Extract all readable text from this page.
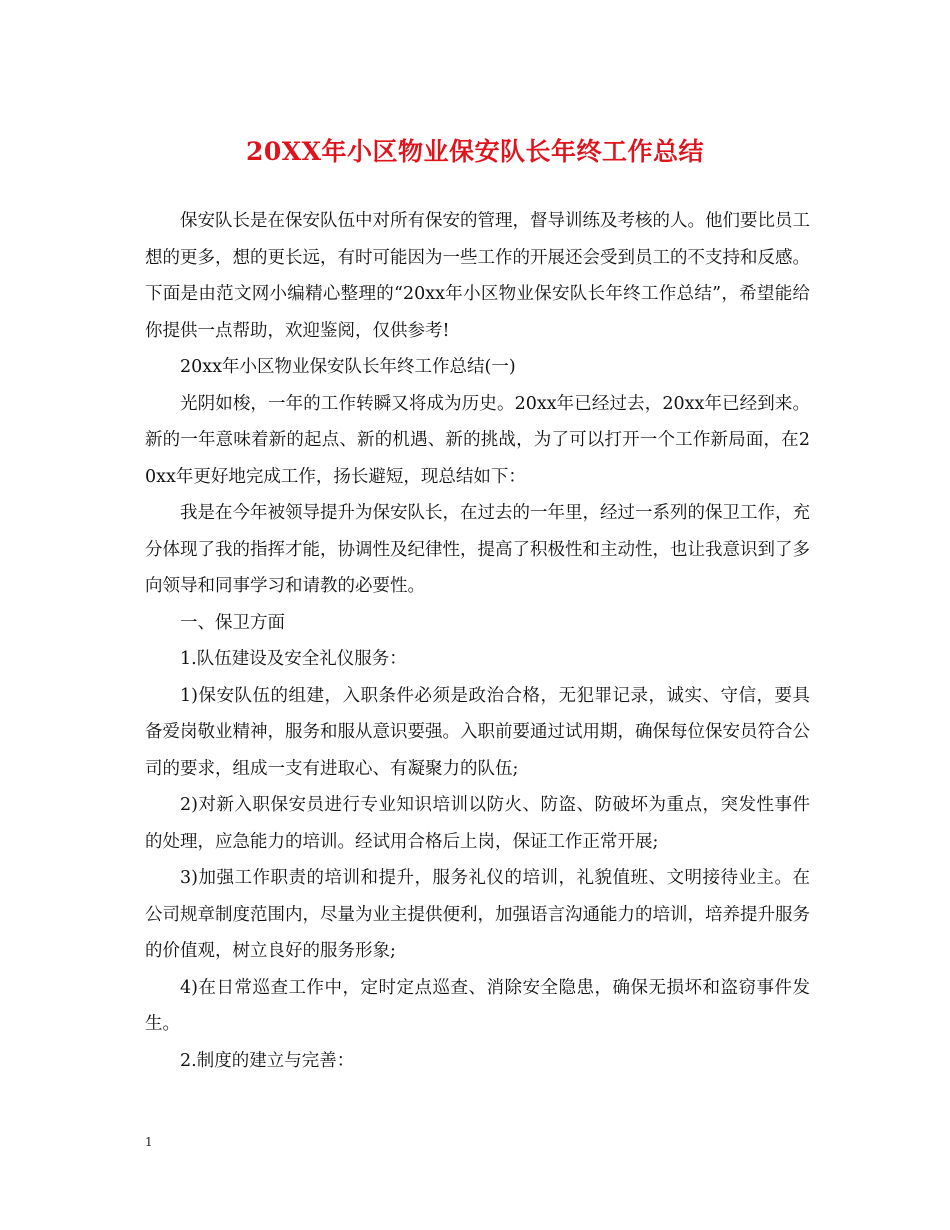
20XX年小区物业保安队长年终工作总结

保安队长是在保安队伍中对所有保安的管理，督导训练及考核的人。他们要比员工想的更多，想的更长远，有时可能因为一些工作的开展还会受到员工的不支持和反感。下面是由范文网小编精心整理的“20xx年小区物业保安队长年终工作总结”，希望能给你提供一点帮助，欢迎鉴阅，仅供参考!

20xx年小区物业保安队长年终工作总结(一)

光阴如梭，一年的工作转瞬又将成为历史。20xx年已经过去，20xx年已经到来。新的一年意味着新的起点、新的机遇、新的挑战，为了可以打开一个工作新局面，在20xx年更好地完成工作，扬长避短，现总结如下：

我是在今年被领导提升为保安队长，在过去的一年里，经过一系列的保卫工作，充分体现了我的指挥才能，协调性及纪律性，提高了积极性和主动性，也让我意识到了多向领导和同事学习和请教的必要性。

一、保卫方面

1.队伍建设及安全礼仪服务：

1)保安队伍的组建，入职条件必须是政治合格，无犯罪记录，诚实、守信，要具备爱岗敬业精神，服务和服从意识要强。入职前要通过试用期，确保每位保安员符合公司的要求，组成一支有进取心、有凝聚力的队伍;

2)对新入职保安员进行专业知识培训以防火、防盗、防破坏为重点，突发性事件的处理，应急能力的培训。经试用合格后上岗，保证工作正常开展;

3)加强工作职责的培训和提升，服务礼仪的培训，礼貌值班、文明接待业主。在公司规章制度范围内，尽量为业主提供便利，加强语言沟通能力的培训，培养提升服务的价值观，树立良好的服务形象;

4)在日常巡查工作中，定时定点巡查、消除安全隐患，确保无损坏和盗窃事件发生。

2.制度的建立与完善：

1
